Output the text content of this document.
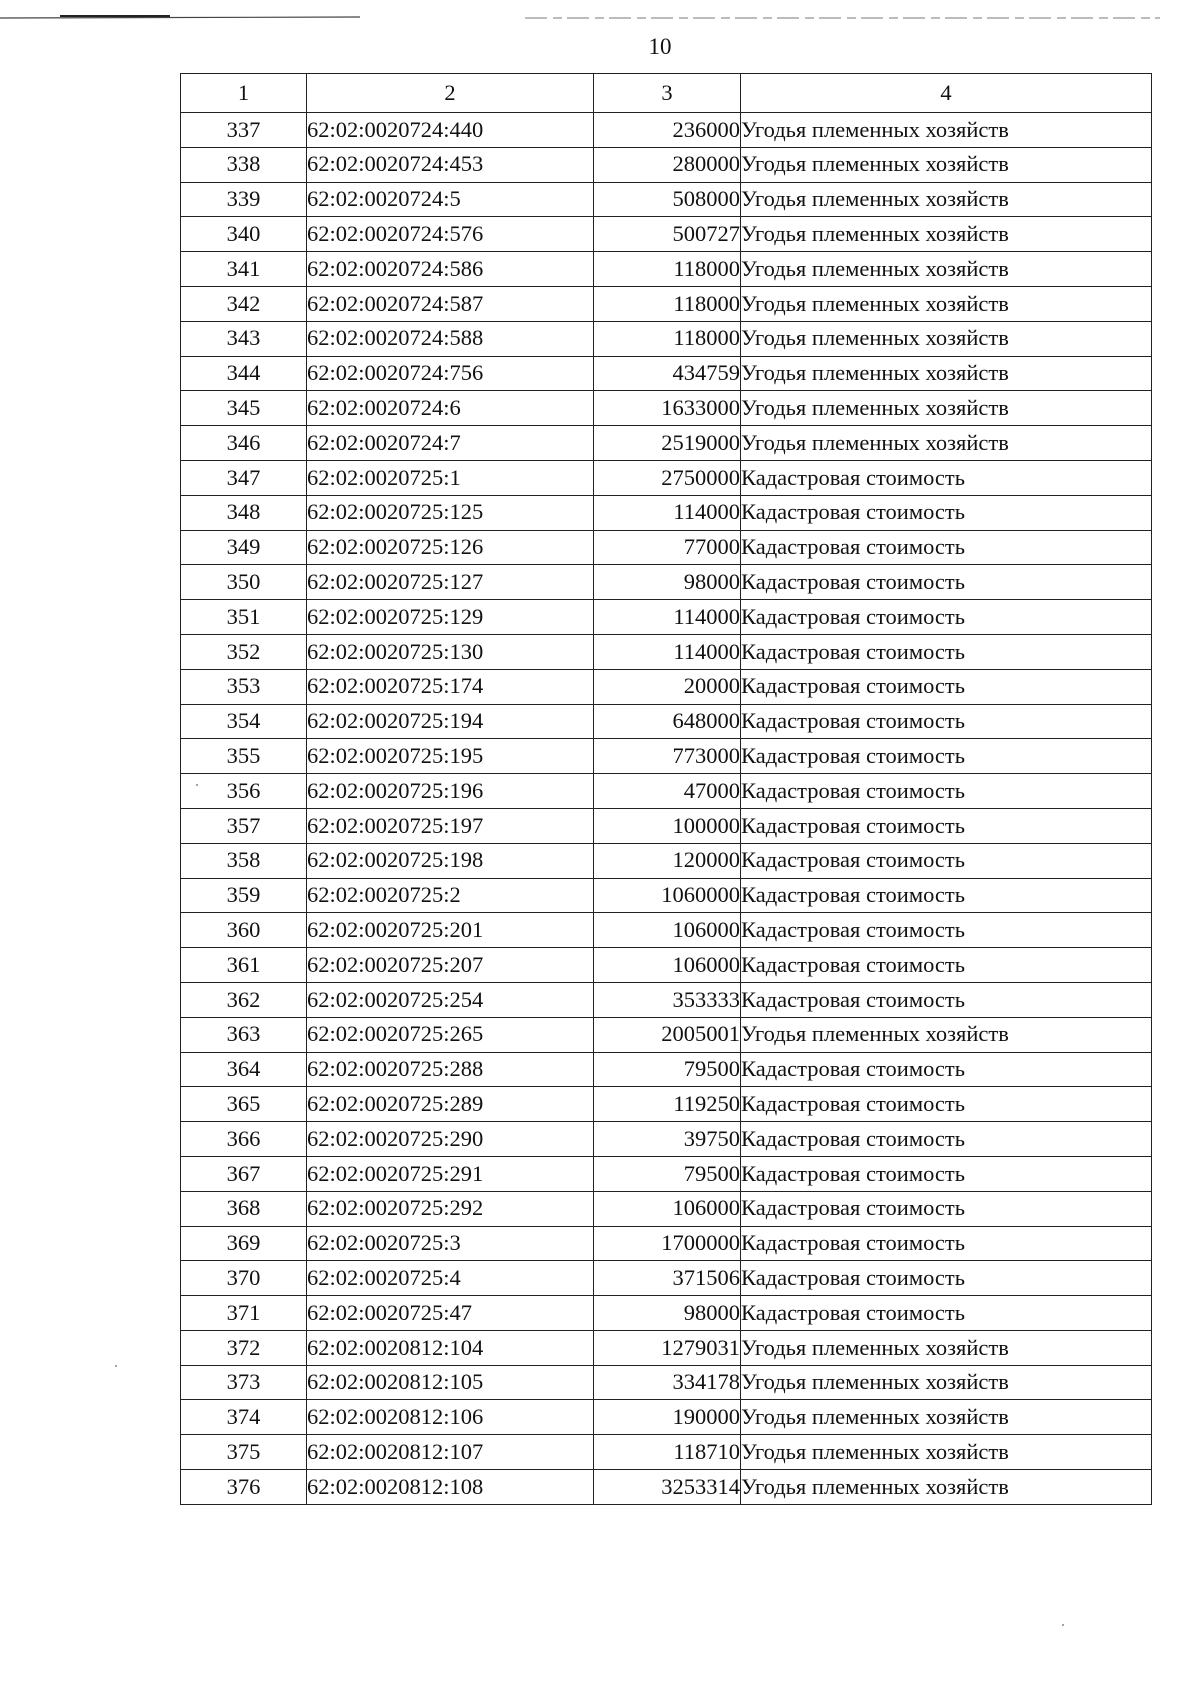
10
1	2	3	4
337	62:02:0020724:440	236000	Угодья племенных хозяйств
338	62:02:0020724:453	280000	Угодья племенных хозяйств
339	62:02:0020724:5	508000	Угодья племенных хозяйств
340	62:02:0020724:576	500727	Угодья племенных хозяйств
341	62:02:0020724:586	118000	Угодья племенных хозяйств
342	62:02:0020724:587	118000	Угодья племенных хозяйств
343	62:02:0020724:588	118000	Угодья племенных хозяйств
344	62:02:0020724:756	434759	Угодья племенных хозяйств
345	62:02:0020724:6	1633000	Угодья племенных хозяйств
346	62:02:0020724:7	2519000	Угодья племенных хозяйств
347	62:02:0020725:1	2750000	Кадастровая стоимость
348	62:02:0020725:125	114000	Кадастровая стоимость
349	62:02:0020725:126	77000	Кадастровая стоимость
350	62:02:0020725:127	98000	Кадастровая стоимость
351	62:02:0020725:129	114000	Кадастровая стоимость
352	62:02:0020725:130	114000	Кадастровая стоимость
353	62:02:0020725:174	20000	Кадастровая стоимость
354	62:02:0020725:194	648000	Кадастровая стоимость
355	62:02:0020725:195	773000	Кадастровая стоимость
356	62:02:0020725:196	47000	Кадастровая стоимость
357	62:02:0020725:197	100000	Кадастровая стоимость
358	62:02:0020725:198	120000	Кадастровая стоимость
359	62:02:0020725:2	1060000	Кадастровая стоимость
360	62:02:0020725:201	106000	Кадастровая стоимость
361	62:02:0020725:207	106000	Кадастровая стоимость
362	62:02:0020725:254	353333	Кадастровая стоимость
363	62:02:0020725:265	2005001	Угодья племенных хозяйств
364	62:02:0020725:288	79500	Кадастровая стоимость
365	62:02:0020725:289	119250	Кадастровая стоимость
366	62:02:0020725:290	39750	Кадастровая стоимость
367	62:02:0020725:291	79500	Кадастровая стоимость
368	62:02:0020725:292	106000	Кадастровая стоимость
369	62:02:0020725:3	1700000	Кадастровая стоимость
370	62:02:0020725:4	371506	Кадастровая стоимость
371	62:02:0020725:47	98000	Кадастровая стоимость
372	62:02:0020812:104	1279031	Угодья племенных хозяйств
373	62:02:0020812:105	334178	Угодья племенных хозяйств
374	62:02:0020812:106	190000	Угодья племенных хозяйств
375	62:02:0020812:107	118710	Угодья племенных хозяйств
376	62:02:0020812:108	3253314	Угодья племенных хозяйств
